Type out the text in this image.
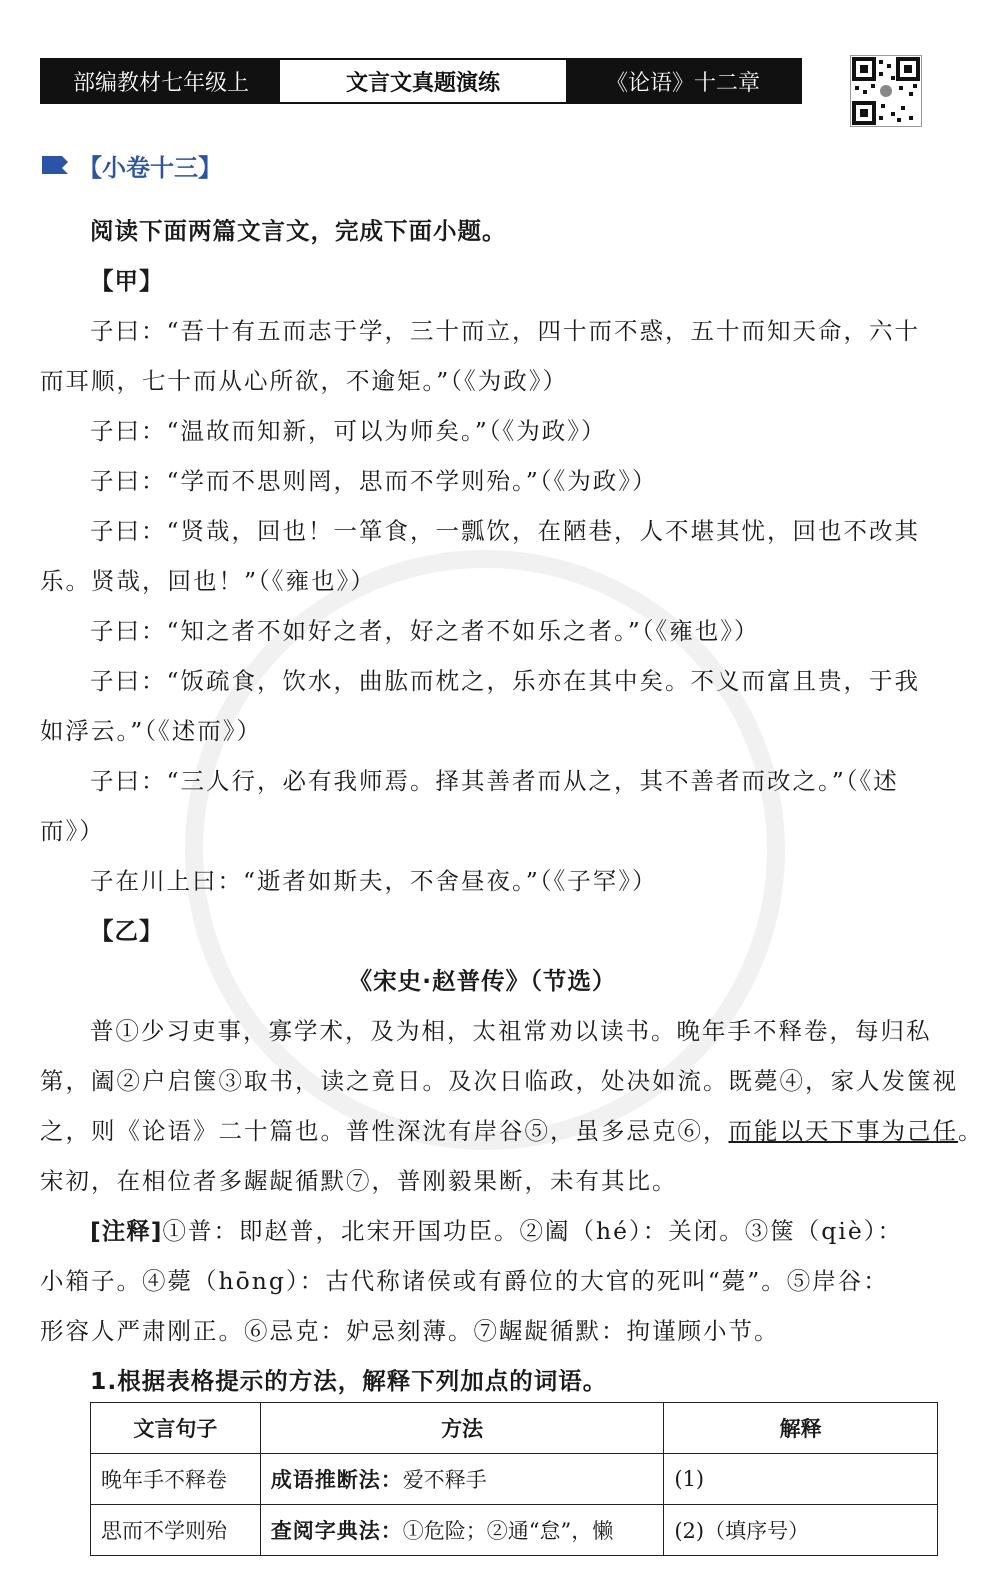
部编教材七年级上	文言文真题演练	《论语》十二章
【小卷十三】
阅读下面两篇文言文，完成下面小题。
【甲】
子曰：“吾十有五而志于学，三十而立，四十而不惑，五十而知天命，六十
而耳顺，七十而从心所欲，不逾矩。”（《为政》）
子曰：“温故而知新，可以为师矣。”（《为政》）
子曰：“学而不思则罔，思而不学则殆。”（《为政》）
子曰：“贤哉，回也！一箪食，一瓢饮，在陋巷，人不堪其忧，回也不改其
乐。贤哉，回也！”（《雍也》）
子曰：“知之者不如好之者，好之者不如乐之者。”（《雍也》）
子曰：“饭疏食，饮水，曲肱而枕之，乐亦在其中矣。不义而富且贵，于我
如浮云。”（《述而》）
子曰：“三人行，必有我师焉。择其善者而从之，其不善者而改之。”（《述
而》）
子在川上曰：“逝者如斯夫，不舍昼夜。”（《子罕》）
【乙】
《宋史·赵普传》（节选）
普①少习吏事，寡学术，及为相，太祖常劝以读书。晚年手不释卷，每归私
第，阖②户启箧③取书，读之竟日。及次日临政，处决如流。既薨④，家人发箧视
之，则《论语》二十篇也。普性深沈有岸谷⑤，虽多忌克⑥，而能以天下事为己任。
宋初，在相位者多龌龊循默⑦，普刚毅果断，未有其比。
[注释]①普：即赵普，北宋开国功臣。②阖（hé）：关闭。③箧（qiè）：
小箱子。④薨（hōng）：古代称诸侯或有爵位的大官的死叫“薨”。⑤岸谷：
形容人严肃刚正。⑥忌克：妒忌刻薄。⑦龌龊循默：拘谨顾小节。
1.根据表格提示的方法，解释下列加点的词语。
文言句子	方法	解释
晚年手不释卷	成语推断法：爱不释手	(1)
思而不学则殆	查阅字典法：①危险；②通“怠”，懒	(2)（填序号）
